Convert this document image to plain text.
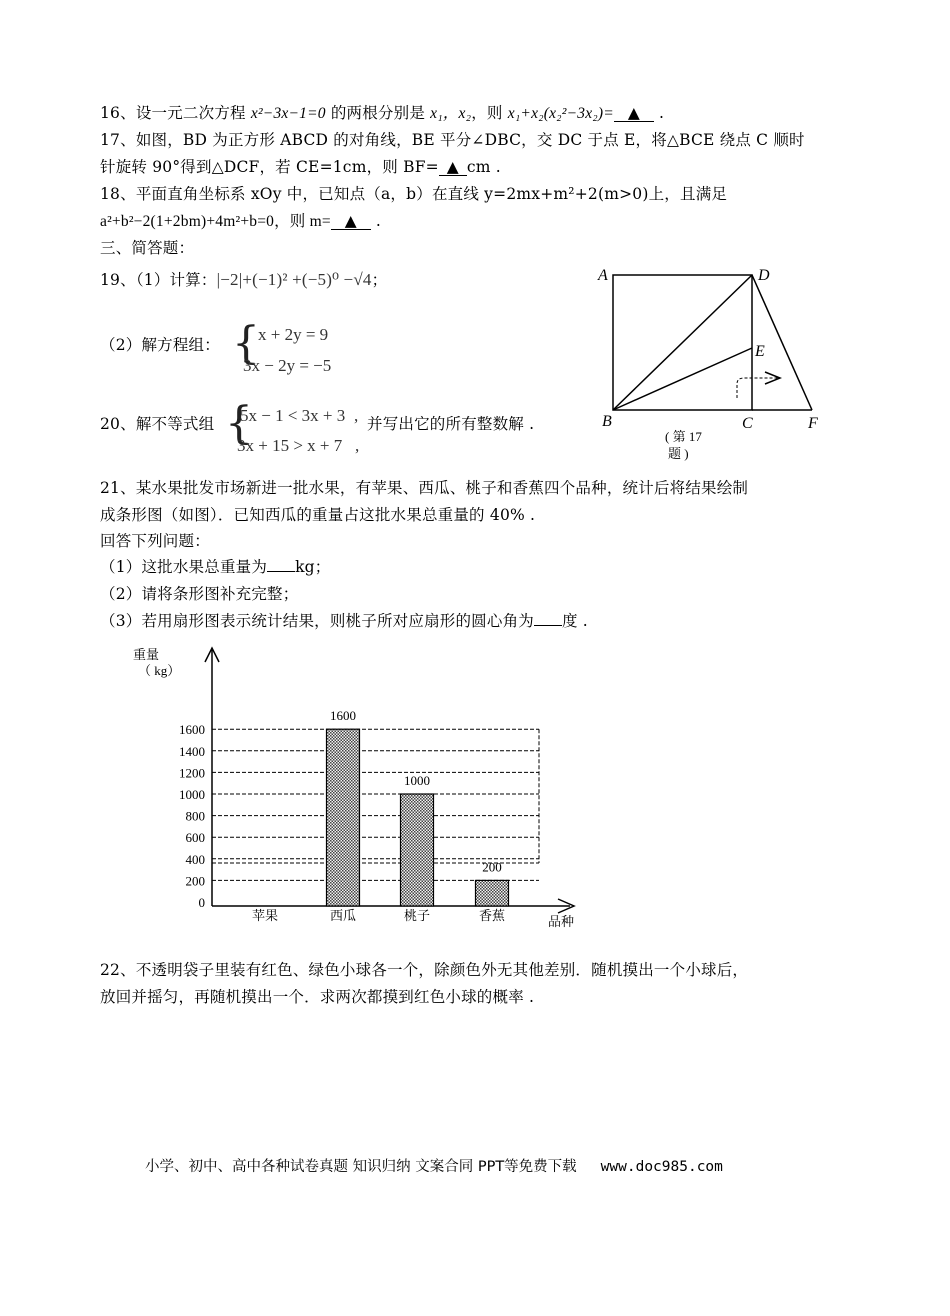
16、设一元二次方程 x²−3x−1=0 的两根分别是 x₁，x₂，则 x₁+x₂(x₂²−3x₂)= ▲ .
17、如图，BD 为正方形 ABCD 的对角线，BE 平分∠DBC，交 DC 于点 E，将△BCE 绕点 C 顺时
针旋转 90°得到△DCF，若 CE=1cm，则 BF= ▲ cm .
18、平面直角坐标系 xOy 中，已知点（a，b）在直线 y=2mx+m²+2(m>0)上，且满足
a²+b²−2(1+2bm)+4m²+b=0，则 m= ▲ .
三、简答题：
19、（1）计算：|−2|+(−1)² +(−5)⁰ −√4；
（2）解方程组： {
x + 2y = 9
3x − 2y = −5
20、解不等式组 {
5x − 1 < 3x + 3 , 并写出它的所有整数解 .
3x + 15 > x + 7 ,
A	D
E
B	C	F
( 第 17
题 )
21、某水果批发市场新进一批水果，有苹果、西瓜、桃子和香蕉四个品种，统计后将结果绘制
成条形图（如图）．已知西瓜的重量占这批水果总重量的 40% .
回答下列问题：
（1）这批水果总重量为 kg；
（2）请将条形图补充完整；
（3）若用扇形图表示统计结果，则桃子所对应扇形的圆心角为 度 .
0
200
400
600
800
1000
1200
1400
1600
1600
1000
200
苹果	西瓜	桃子	香蕉
重量
（ kg）
品种
22、不透明袋子里装有红色、绿色小球各一个，除颜色外无其他差别．随机摸出一个小球后，
放回并摇匀，再随机摸出一个．求两次都摸到红色小球的概率 .
小学、初中、高中各种试卷真题 知识归纳 文案合同 PPT等免费下载 www.doc985.com
